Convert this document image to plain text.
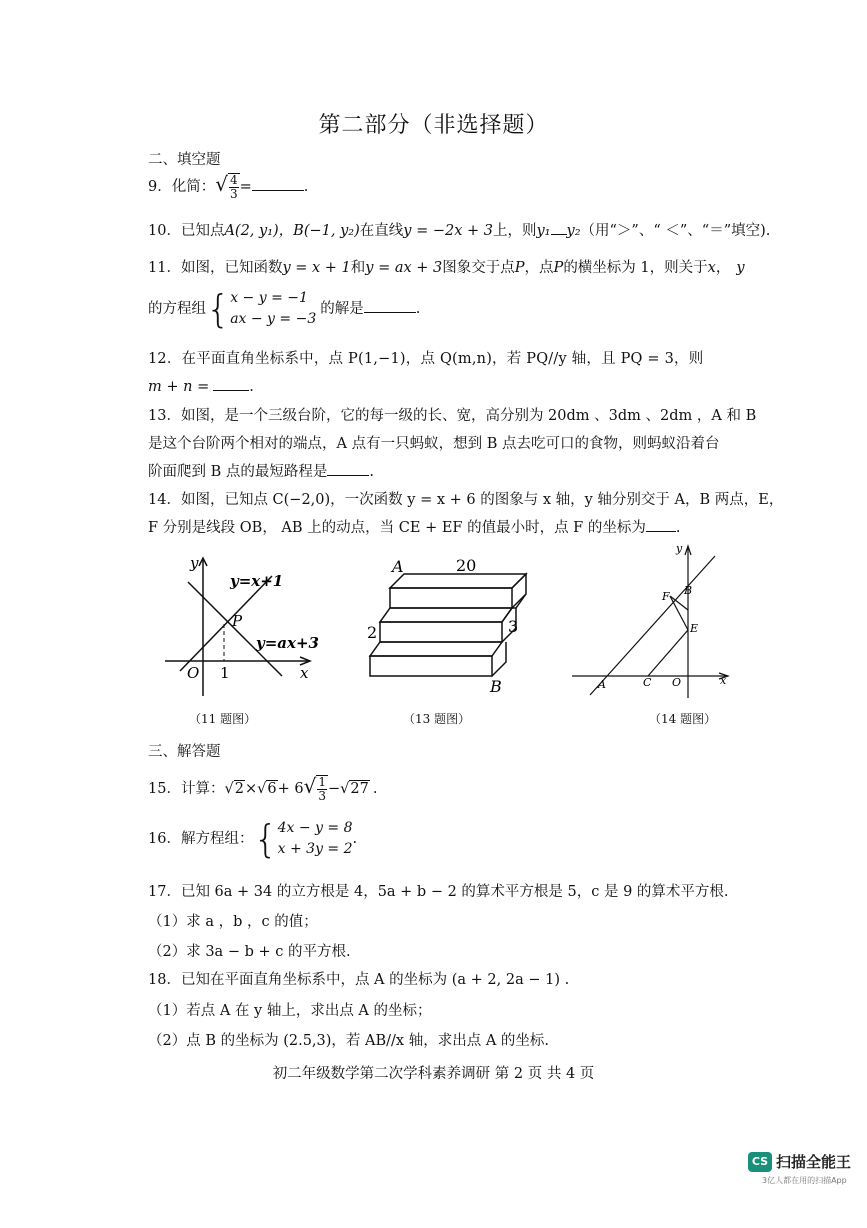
第二部分（非选择题）
二、填空题
9．化简：√ $\frac{4}{3}$ =	.
10．已知点A(2, y₁)，B(−1, y₂)在直线y = −2x + 3上，则y₁ y₂（用“＞”、“ ＜”、“＝”填空).
11．如图，已知函数y = x + 1和y = ax + 3图象交于点P，点P的横坐标为 1，则关于x， y
的方程组{ x − y = −1
ax − y = −3
的解是	.
12．在平面直角坐标系中，点 P(1,−1)，点 Q(m,n)，若 PQ//y 轴，且 PQ = 3，则
m + n =	.
13．如图，是一个三级台阶，它的每一级的长、宽，高分别为 20dm 、3dm 、2dm ，A 和 B
是这个台阶两个相对的端点，A 点有一只蚂蚁，想到 B 点去吃可口的食物，则蚂蚁沿着台
阶面爬到 B 点的最短路程是	.
14．如图，已知点 C(−2,0)，一次函数 y = x + 6 的图象与 x 轴，y 轴分别交于 A，B 两点，E，
F 分别是线段 OB， AB 上的动点，当 CE + EF 的值最小时，点 F 的坐标为 .
y
x
O 1
P
y=x+1
y=ax+3
（11 题图）
A	20
2	3
B
（13 题图）
y
x
A	C O
E
B
F
（14 题图）
三、解答题
15．计算：$√2\times√6+ 6√ \frac{1}{3} -√27$ .
16．解方程组：{ 4x − y = 8
x + 3y = 2
.
17．已知 6a + 34 的立方根是 4，5a + b − 2 的算术平方根是 5，c 是 9 的算术平方根.
（1）求 a ，b ，c 的值；
（2）求 3a − b + c 的平方根.
18．已知在平面直角坐标系中，点 A 的坐标为 (a + 2, 2a − 1) .
（1）若点 A 在 y 轴上，求出点 A 的坐标；
（2）点 B 的坐标为 (2.5,3)，若 AB//x 轴，求出点 A 的坐标.
初二年级数学第二次学科素养调研 第 2 页 共 4 页
CS 扫描全能王
3亿人都在用的扫描App
